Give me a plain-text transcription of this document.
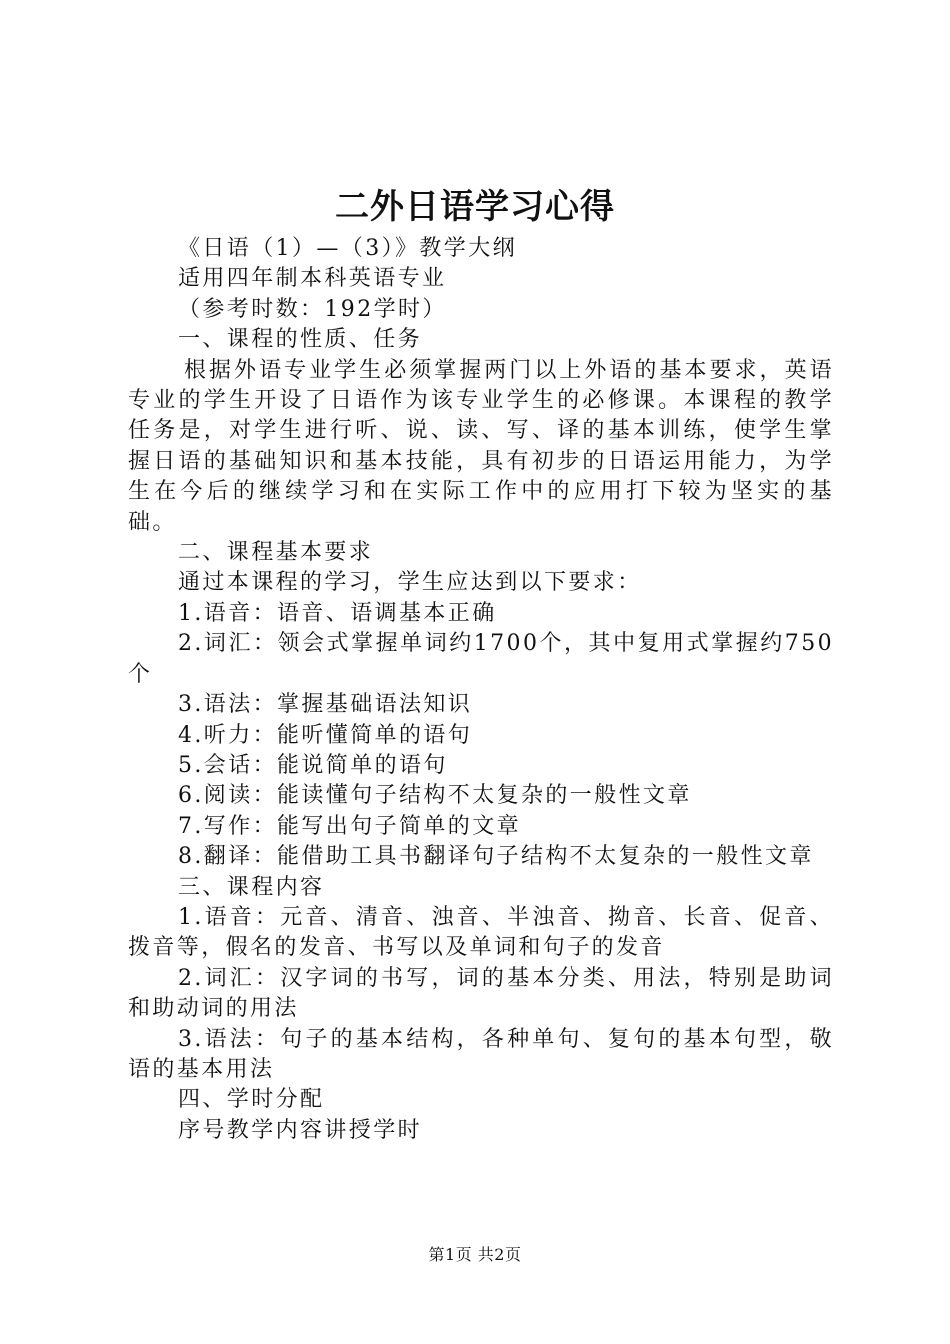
二外日语学习心得

《日语（1）—（3）》教学大纲

适用四年制本科英语专业

（参考时数：192学时）

一、课程的性质、任务

根据外语专业学生必须掌握两门以上外语的基本要求，英语专业的学生开设了日语作为该专业学生的必修课。本课程的教学任务是，对学生进行听、说、读、写、译的基本训练，使学生掌握日语的基础知识和基本技能，具有初步的日语运用能力，为学生在今后的继续学习和在实际工作中的应用打下较为坚实的基础。

二、课程基本要求

通过本课程的学习，学生应达到以下要求：

1.语音：语音、语调基本正确

2.词汇：领会式掌握单词约1700个，其中复用式掌握约750个

3.语法：掌握基础语法知识

4.听力：能听懂简单的语句

5.会话：能说简单的语句

6.阅读：能读懂句子结构不太复杂的一般性文章

7.写作：能写出句子简单的文章

8.翻译：能借助工具书翻译句子结构不太复杂的一般性文章

三、课程内容

1.语音：元音、清音、浊音、半浊音、拗音、长音、促音、拨音等，假名的发音、书写以及单词和句子的发音

2.词汇：汉字词的书写，词的基本分类、用法，特别是助词和助动词的用法

3.语法：句子的基本结构，各种单句、复句的基本句型，敬语的基本用法

四、学时分配

序号教学内容讲授学时

第1页 共2页
